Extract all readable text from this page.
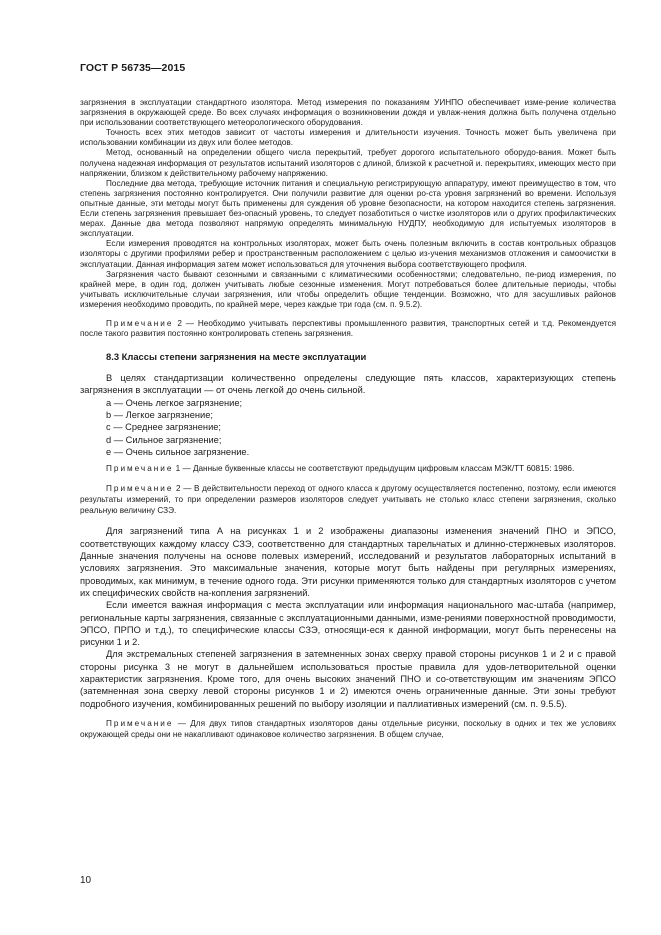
ГОСТ Р 56735—2015

загрязнения в эксплуатации стандартного изолятора. Метод измерения по показаниям УИНПО обеспечивает изме-рение количества загрязнения в окружающей среде. Во всех случаях информация о возникновении дождя и увлаж-нения должна быть получена отдельно при использовании соответствующего метеорологического оборудования.

Точность всех этих методов зависит от частоты измерения и длительности изучения. Точность может быть увеличена при использовании комбинации из двух или более методов.

Метод, основанный на определении общего числа перекрытий, требует дорогого испытательного оборудо-вания. Может быть получена надежная информация от результатов испытаний изоляторов с длиной, близкой к расчетной и. перекрытиях, имеющих место при напряжении, близком к действительному рабочему напряжению.

Последние два метода, требующие источник питания и специальную регистрирующую аппаратуру, имеют преимущество в том, что степень загрязнения постоянно контролируется. Они получили развитие для оценки ро-ста уровня загрязнений во времени. Используя опытные данные, эти методы могут быть применены для суждения об уровне безопасности, на котором находится степень загрязнения. Если степень загрязнения превышает без-опасный уровень, то следует позаботиться о чистке изоляторов или о других профилактических мерах. Данные два метода позволяют напрямую определять минимальную НУДПУ, необходимую для испытуемых изоляторов в эксплуатации.

Если измерения проводятся на контрольных изоляторах, может быть очень полезным включить в состав контрольных образцов изоляторы с другими профилями ребер и пространственным расположением с целью из-учения механизмов отложения и самоочистки в эксплуатации. Данная информация затем может использоваться для уточнения выбора соответствующего профиля.

Загрязнения часто бывают сезонными и связанными с климатическими особенностями; следовательно, пе-риод измерения, по крайней мере, в один год, должен учитывать любые сезонные изменения. Могут потребоваться более длительные периоды, чтобы учитывать исключительные случаи загрязнения, или чтобы определить общие тенденции. Возможно, что для засушливых районов измерения необходимо проводить, по крайней мере, через каждые три года (см. п. 9.5.2).

Примечание 2 — Необходимо учитывать перспективы промышленного развития, транспортных сетей и т.д. Рекомендуется после такого развития постоянно контролировать степень загрязнения.

8.3 Классы степени загрязнения на месте эксплуатации

В целях стандартизации количественно определены следующие пять классов, характеризующих степень загрязнения в эксплуатации — от очень легкой до очень сильной.

a — Очень легкое загрязнение;
b — Легкое загрязнение;
c — Среднее загрязнение;
d — Сильное загрязнение;
e — Очень сильное загрязнение.

Примечание 1 — Данные буквенные классы не соответствуют предыдущим цифровым классам МЭК/ТТ 60815: 1986.

Примечание 2 — В действительности переход от одного класса к другому осуществляется постепенно, поэтому, если имеются результаты измерений, то при определении размеров изоляторов следует учитывать не столько класс степени загрязнения, сколько реальную величину СЗЭ.

Для загрязнений типа А на рисунках 1 и 2 изображены диапазоны изменения значений ПНО и ЭПСО, соответствующих каждому классу СЗЭ, соответственно для стандартных тарельчатых и длинно-стержневых изоляторов. Данные значения получены на основе полевых измерений, исследований и результатов лабораторных испытаний в условиях загрязнения. Это максимальные значения, которые могут быть найдены при регулярных измерениях, проводимых, как минимум, в течение одного года. Эти рисунки применяются только для стандартных изоляторов с учетом их специфических свойств на-копления загрязнений.

Если имеется важная информация с места эксплуатации или информация национального мас-штаба (например, региональные карты загрязнения, связанные с эксплуатационными данными, изме-рениями поверхностной проводимости, ЭПСО, ПРПО и т.д.), то специфические классы СЗЭ, относящи-еся к данной информации, могут быть перенесены на рисунки 1 и 2.

Для экстремальных степеней загрязнения в затемненных зонах сверху правой стороны рисунков 1 и 2 и с правой стороны рисунка 3 не могут в дальнейшем использоваться простые правила для удов-летворительной оценки характеристик загрязнения. Кроме того, для очень высоких значений ПНО и со-ответствующим им значениям ЭПСО (затемненная зона сверху левой стороны рисунков 1 и 2) имеются очень ограниченные данные. Эти зоны требуют подробного изучения, комбинированных решений по выбору изоляции и паллиативных измерений (см. п. 9.5.5).

Примечание — Для двух типов стандартных изоляторов даны отдельные рисунки, поскольку в одних и тех же условиях окружающей среды они не накапливают одинаковое количество загрязнения. В общем случае,

10
